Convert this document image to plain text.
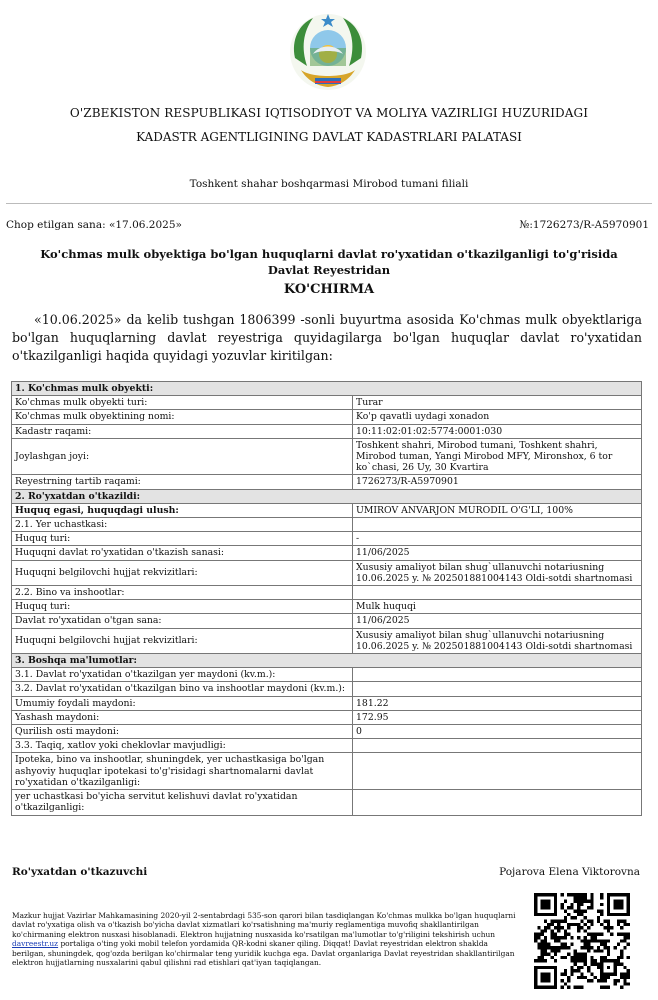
O'ZBEKISTON RESPUBLIKASI IQTISODIYOT VA MOLIYA VAZIRLIGI HUZURIDAGI
KADASTR AGENTLIGINING DAVLAT KADASTRLARI PALATASI
Toshkent shahar boshqarmasi Mirobod tumani filiali
Chop etilgan sana: «17.06.2025»	№:1726273/R-A5970901
Ko'chmas mulk obyektiga bo'lgan huquqlarni davlat ro'yxatidan o'tkazilganligi to'g'risida Davlat Reyestridan
KO'CHIRMA
«10.06.2025» da kelib tushgan 1806399 -sonli buyurtma asosida Ko'chmas mulk obyektlariga bo'lgan huquqlarning davlat reyestriga quyidagilarga bo'lgan huquqlar davlat ro'yxatidan o'tkazilganligi haqida quyidagi yozuvlar kiritilgan:
1. Ko'chmas mulk obyekti:	
Ko'chmas mulk obyekti turi:	Turar
Ko'chmas mulk obyektining nomi:	Ko'p qavatli uydagi xonadon
Kadastr raqami:	10:11:02:01:02:5774:0001:030
Joylashgan joyi:	Toshkent shahri, Mirobod tumani, Toshkent shahri, Mirobod tuman, Yangi Mirobod MFY, Mironshox, 6 tor ko`chasi, 26 Uy, 30 Kvartira
Reyestrning tartib raqami:	1726273/R-A5970901
2. Ro'yxatdan o'tkazildi:	
Huquq egasi, huquqdagi ulush:	UMIROV ANVARJON MURODIL O'G'LI, 100%
2.1. Yer uchastkasi:	
Huquq turi:	-
Huquqni davlat ro'yxatidan o'tkazish sanasi:	11/06/2025
Huquqni belgilovchi hujjat rekvizitlari:	Xususiy amaliyot bilan shug`ullanuvchi notariusning 10.06.2025 y. № 202501881004143 Oldi-sotdi shartnomasi
2.2. Bino va inshootlar:	
Huquq turi:	Mulk huquqi
Davlat ro'yxatidan o'tgan sana:	11/06/2025
Huquqni belgilovchi hujjat rekvizitlari:	Xususiy amaliyot bilan shug`ullanuvchi notariusning 10.06.2025 y. № 202501881004143 Oldi-sotdi shartnomasi
3. Boshqa ma'lumotlar:	
3.1. Davlat ro'yxatidan o'tkazilgan yer maydoni (kv.m.):	
3.2. Davlat ro'yxatidan o'tkazilgan bino va inshootlar maydoni (kv.m.):	
Umumiy foydali maydoni:	181.22
Yashash maydoni:	172.95
Qurilish osti maydoni:	0
3.3. Taqiq, xatlov yoki cheklovlar mavjudligi:	
Ipoteka, bino va inshootlar, shuningdek, yer uchastkasiga bo'lgan ashyoviy huquqlar ipotekasi to'g'risidagi shartnomalarni davlat ro'yxatidan o'tkazilganligi:	
yer uchastkasi bo'yicha servitut kelishuvi davlat ro'yxatidan o'tkazilganligi:	
Ro'yxatdan o'tkazuvchi	Pojarova Elena Viktorovna
Mazkur hujjat Vazirlar Mahkamasining 2020-yil 2-sentabrdagi 535-son qarori bilan tasdiqlangan Ko'chmas mulkka bo'lgan huquqlarni davlat ro'yxatiga olish va o'tkazish bo'yicha davlat xizmatlari ko'rsatishning ma'muriy reglamentiga muvofiq shakllantirilgan ko'chirmaning elektron nusxasi hisoblanadi. Elektron hujjatning nusxasida ko'rsatilgan ma'lumotlar to'g'riligini tekshirish uchun davreestr.uz portaliga o'ting yoki mobil telefon yordamida QR-kodni skaner qiling. Diqqat! Davlat reyestridan elektron shaklda berilgan, shuningdek, qog'ozda berilgan ko'chirmalar teng yuridik kuchga ega. Davlat organlariga Davlat reyestridan shakllantirilgan elektron hujjatlarning nusxalarini qabul qilishni rad etishlari qat'iyan taqiqlangan.
